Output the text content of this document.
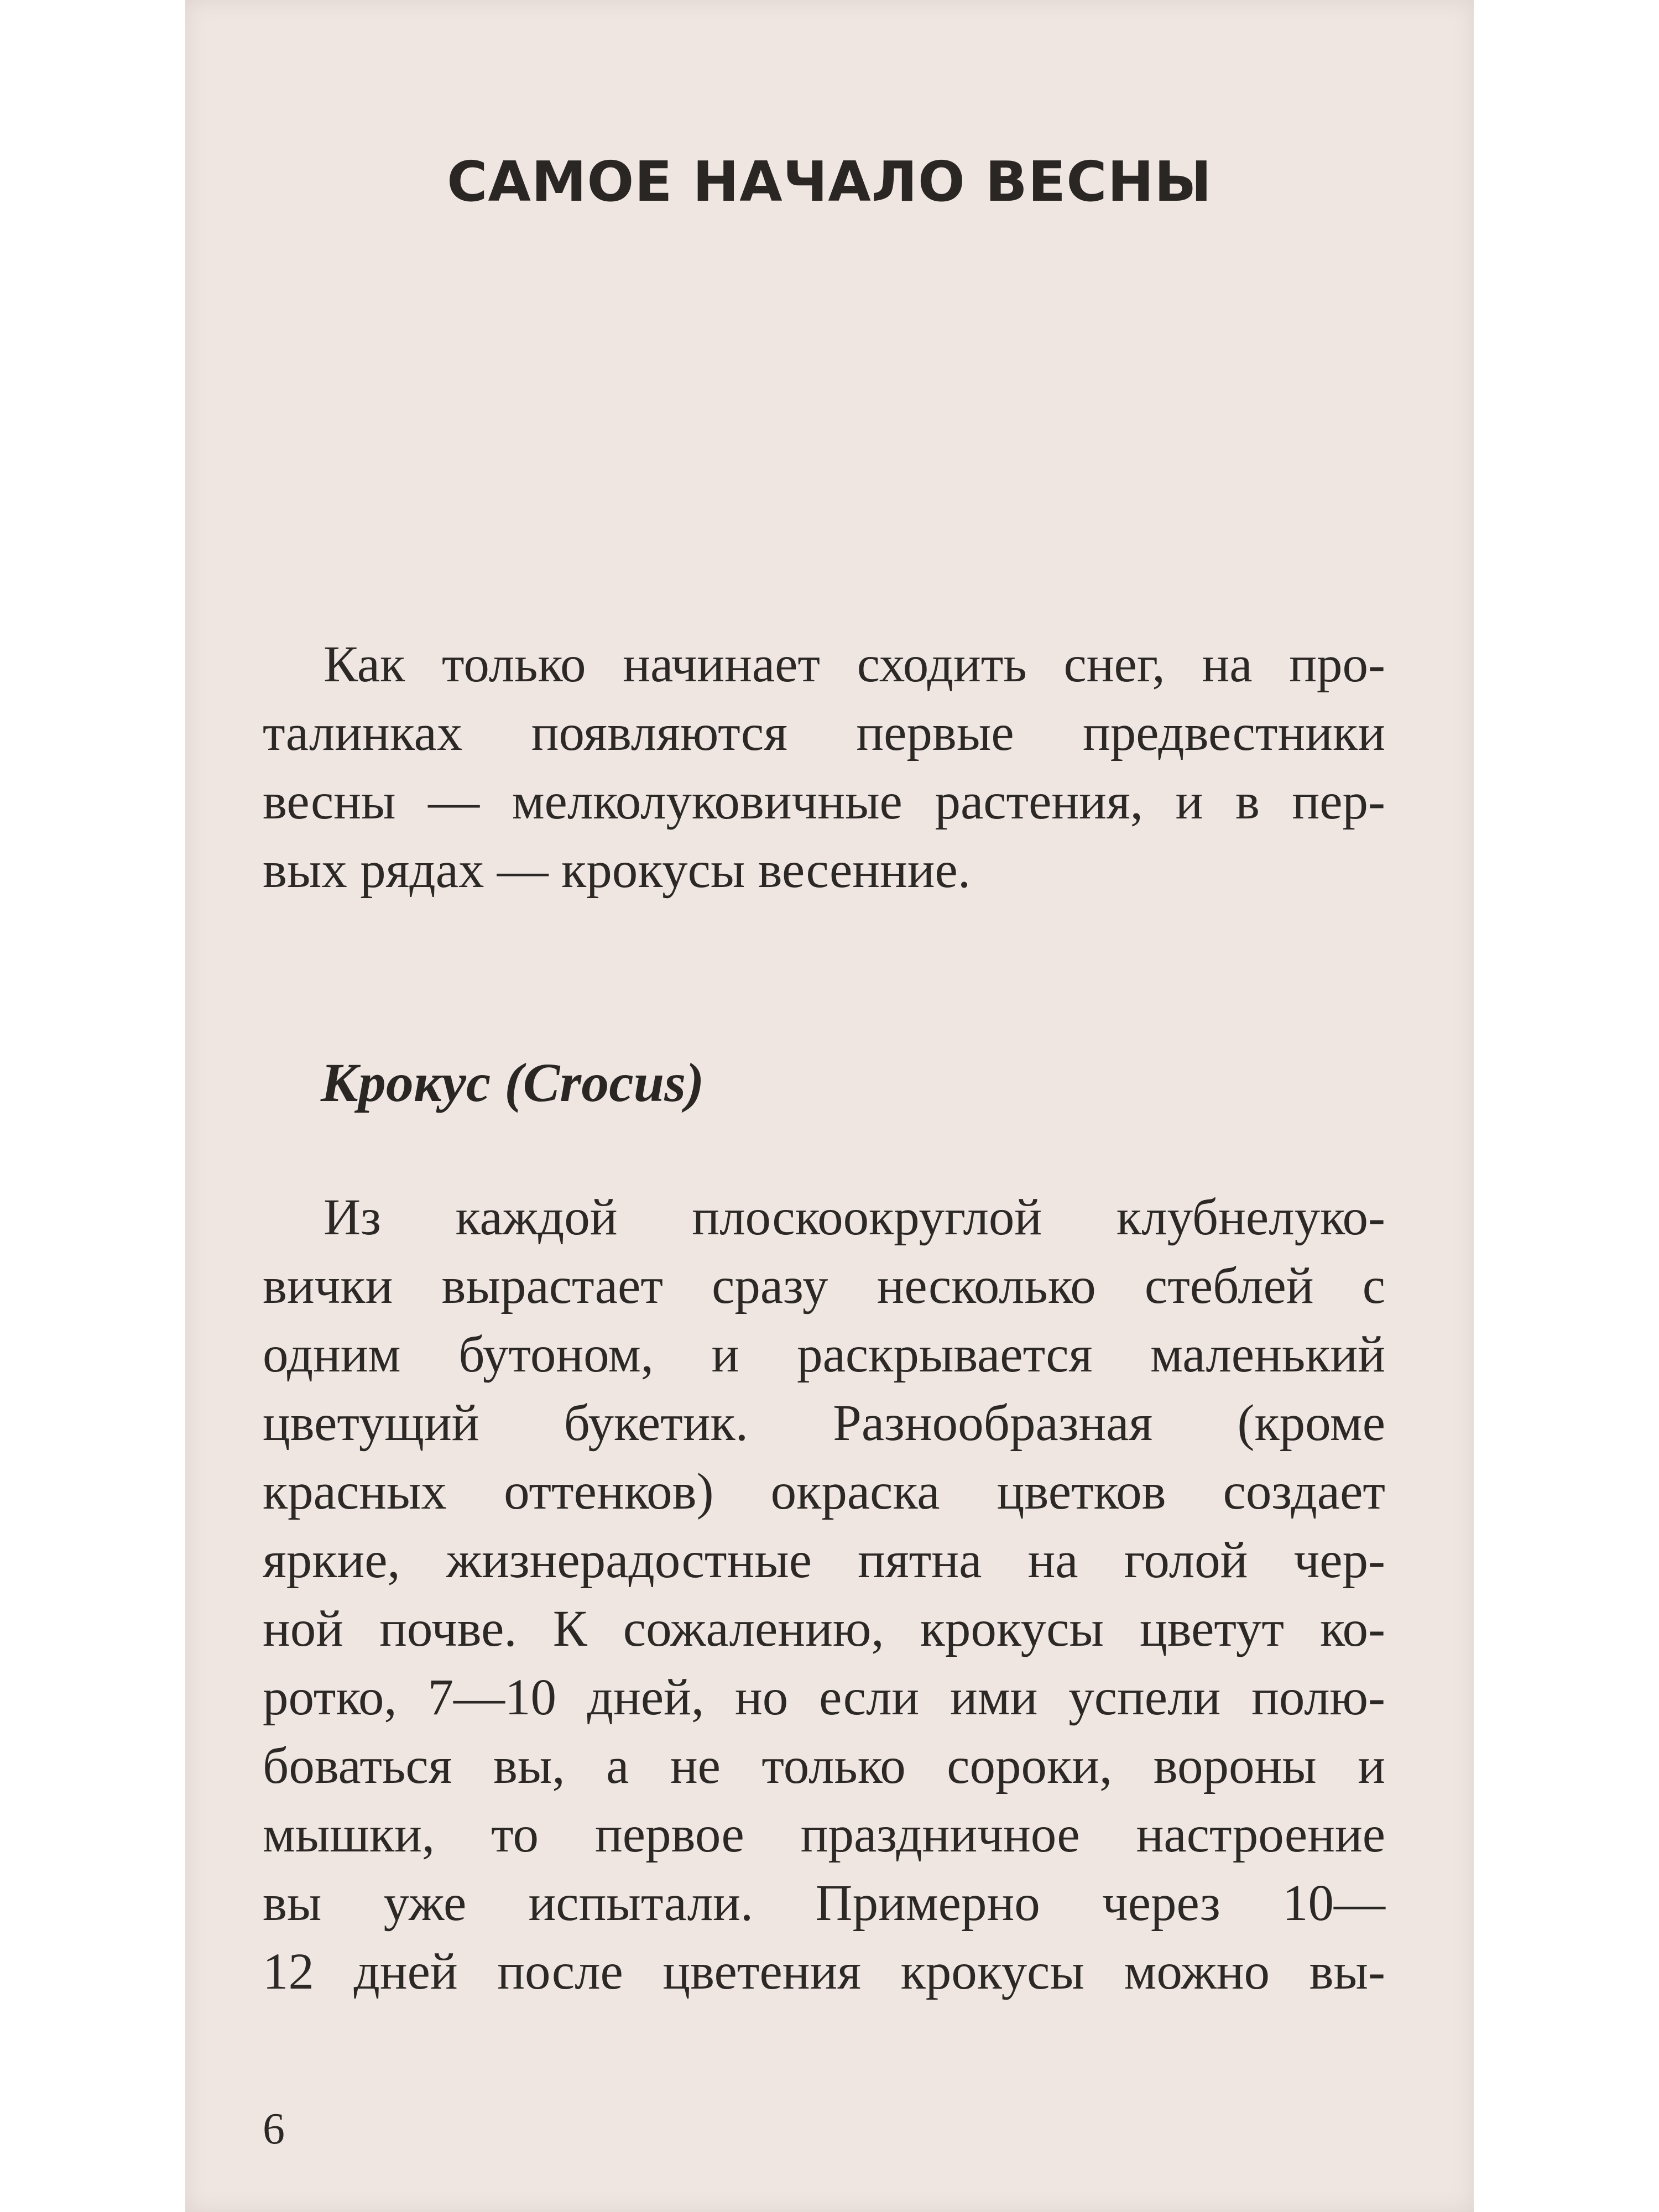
САМОЕ НАЧАЛО ВЕСНЫ

Как только начинает сходить снег, на про-
талинках появляются первые предвестники
весны — мелколуковичные растения, и в пер-
вых рядах — крокусы весенние.

Крокус (Crocus)

Из каждой плоскоокруглой клубнелуко-
вички вырастает сразу несколько стеблей с
одним бутоном, и раскрывается маленький
цветущий букетик. Разнообразная (кроме
красных оттенков) окраска цветков создает
яркие, жизнерадостные пятна на голой чер-
ной почве. К сожалению, крокусы цветут ко-
ротко, 7—10 дней, но если ими успели полю-
боваться вы, а не только сороки, вороны и
мышки, то первое праздничное настроение
вы уже испытали. Примерно через 10—
12 дней после цветения крокусы можно вы-

6
